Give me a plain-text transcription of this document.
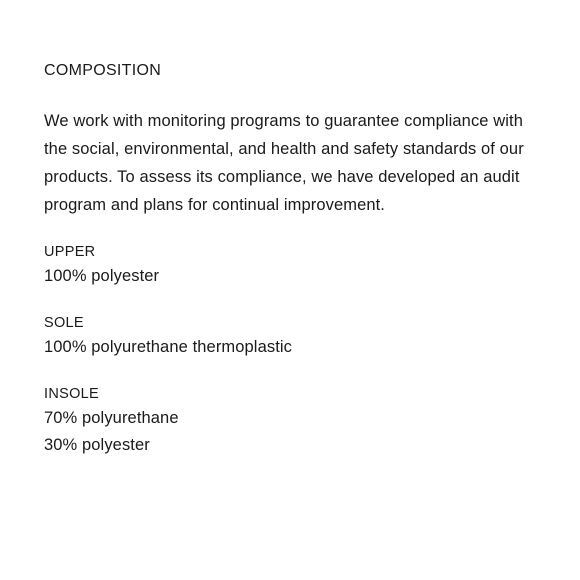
COMPOSITION

We work with monitoring programs to guarantee compliance with the social, environmental, and health and safety standards of our products. To assess its compliance, we have developed an audit program and plans for continual improvement.

UPPER
100% polyester
SOLE
100% polyurethane thermoplastic
INSOLE
70% polyurethane
30% polyester
